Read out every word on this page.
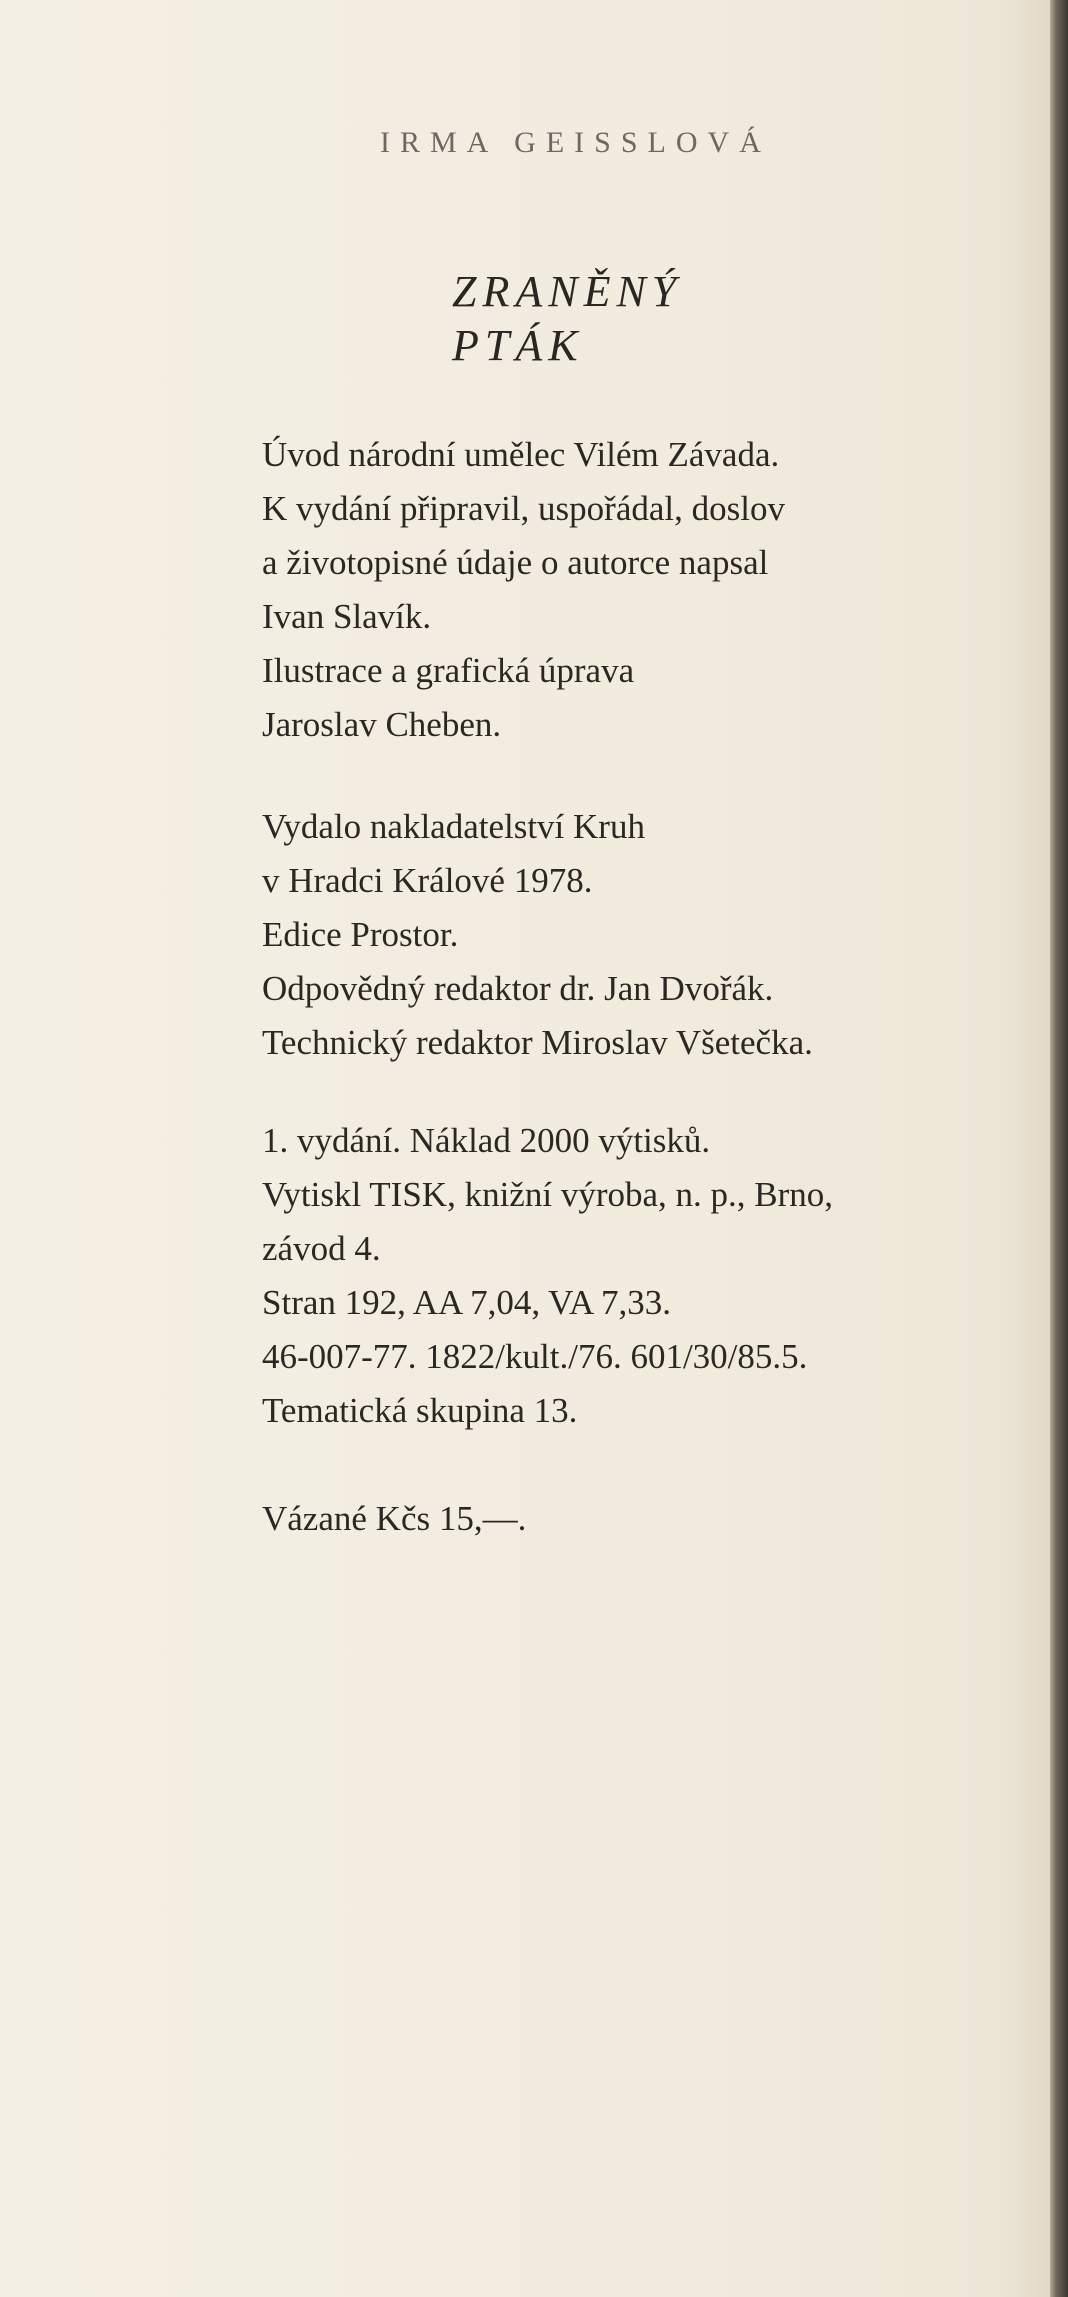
IRMA GEISSLOVÁ
ZRANĚNÝ
PTÁK
Úvod národní umělec Vilém Závada.
K vydání připravil, uspořádal, doslov
a životopisné údaje o autorce napsal
Ivan Slavík.
Ilustrace a grafická úprava
Jaroslav Cheben.
Vydalo nakladatelství Kruh
v Hradci Králové 1978.
Edice Prostor.
Odpovědný redaktor dr. Jan Dvořák.
Technický redaktor Miroslav Všetečka.
1. vydání. Náklad 2000 výtisků.
Vytiskl TISK, knižní výroba, n. p., Brno,
závod 4.
Stran 192, AA 7,04, VA 7,33.
46-007-77. 1822/kult./76. 601/30/85.5.
Tematická skupina 13.
Vázané Kčs 15,—.
